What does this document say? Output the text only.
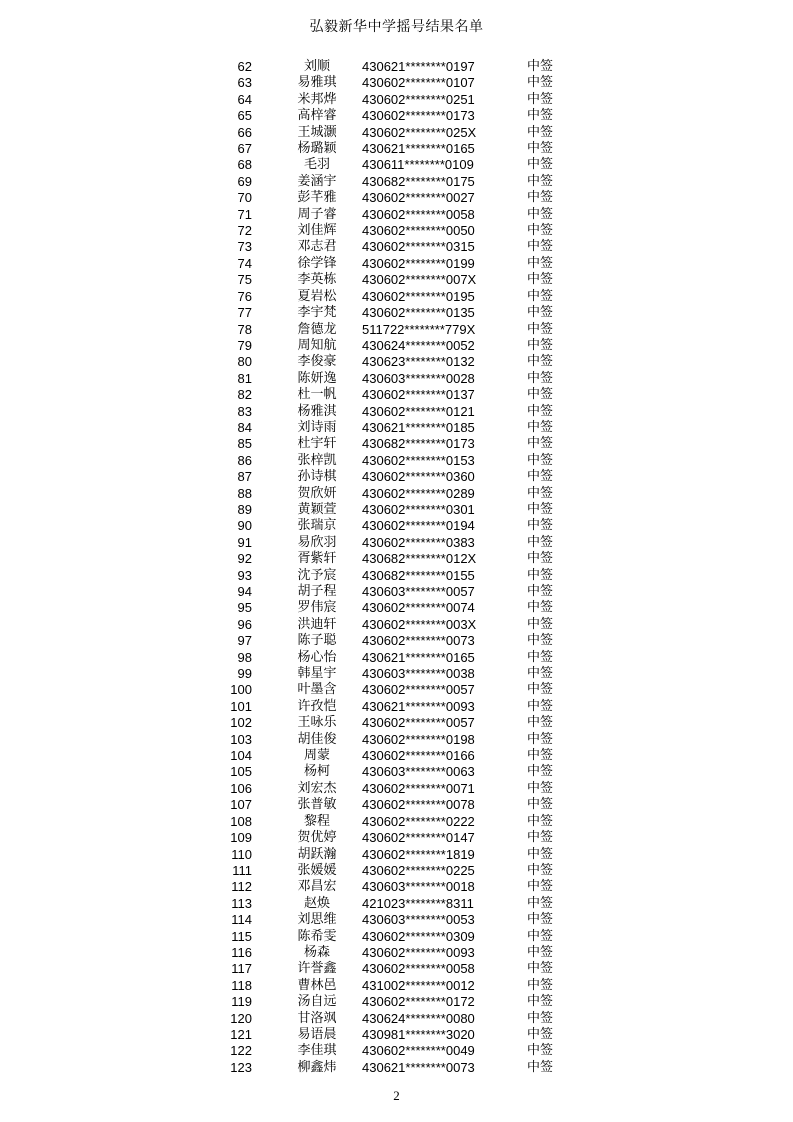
弘毅新华中学摇号结果名单
62	刘顺	430621********0197	中签
63	易雅琪	430602********0107	中签
64	米邦烨	430602********0251	中签
65	高梓睿	430602********0173	中签
66	王城灏	430602********025X	中签
67	杨璐颖	430621********0165	中签
68	毛羽	430611********0109	中签
69	姜涵宇	430682********0175	中签
70	彭芊雅	430602********0027	中签
71	周子睿	430602********0058	中签
72	刘佳辉	430602********0050	中签
73	邓志君	430602********0315	中签
74	徐学锋	430602********0199	中签
75	李英栋	430602********007X	中签
76	夏岩松	430602********0195	中签
77	李宇梵	430602********0135	中签
78	詹德龙	511722********779X	中签
79	周知航	430624********0052	中签
80	李俊豪	430623********0132	中签
81	陈妍逸	430603********0028	中签
82	杜一帆	430602********0137	中签
83	杨雅淇	430602********0121	中签
84	刘诗雨	430621********0185	中签
85	杜宇轩	430682********0173	中签
86	张梓凯	430602********0153	中签
87	孙诗棋	430602********0360	中签
88	贺欣妍	430602********0289	中签
89	黄颖萱	430602********0301	中签
90	张瑞京	430602********0194	中签
91	易欣羽	430602********0383	中签
92	胥紫轩	430682********012X	中签
93	沈予宸	430682********0155	中签
94	胡子程	430603********0057	中签
95	罗伟宸	430602********0074	中签
96	洪迪轩	430602********003X	中签
97	陈子聪	430602********0073	中签
98	杨心怡	430621********0165	中签
99	韩星宇	430603********0038	中签
100	叶墨含	430602********0057	中签
101	许孜恺	430621********0093	中签
102	王咏乐	430602********0057	中签
103	胡佳俊	430602********0198	中签
104	周蒙	430602********0166	中签
105	杨柯	430603********0063	中签
106	刘宏杰	430602********0071	中签
107	张普敏	430602********0078	中签
108	黎程	430602********0222	中签
109	贺优婷	430602********0147	中签
110	胡跃瀚	430602********1819	中签
111	张媛媛	430602********0225	中签
112	邓昌宏	430603********0018	中签
113	赵焕	421023********8311	中签
114	刘思维	430603********0053	中签
115	陈希雯	430602********0309	中签
116	杨森	430602********0093	中签
117	许誉鑫	430602********0058	中签
118	曹林邑	431002********0012	中签
119	汤自远	430602********0172	中签
120	甘洛飒	430624********0080	中签
121	易语晨	430981********3020	中签
122	李佳琪	430602********0049	中签
123	柳鑫炜	430621********0073	中签
2
